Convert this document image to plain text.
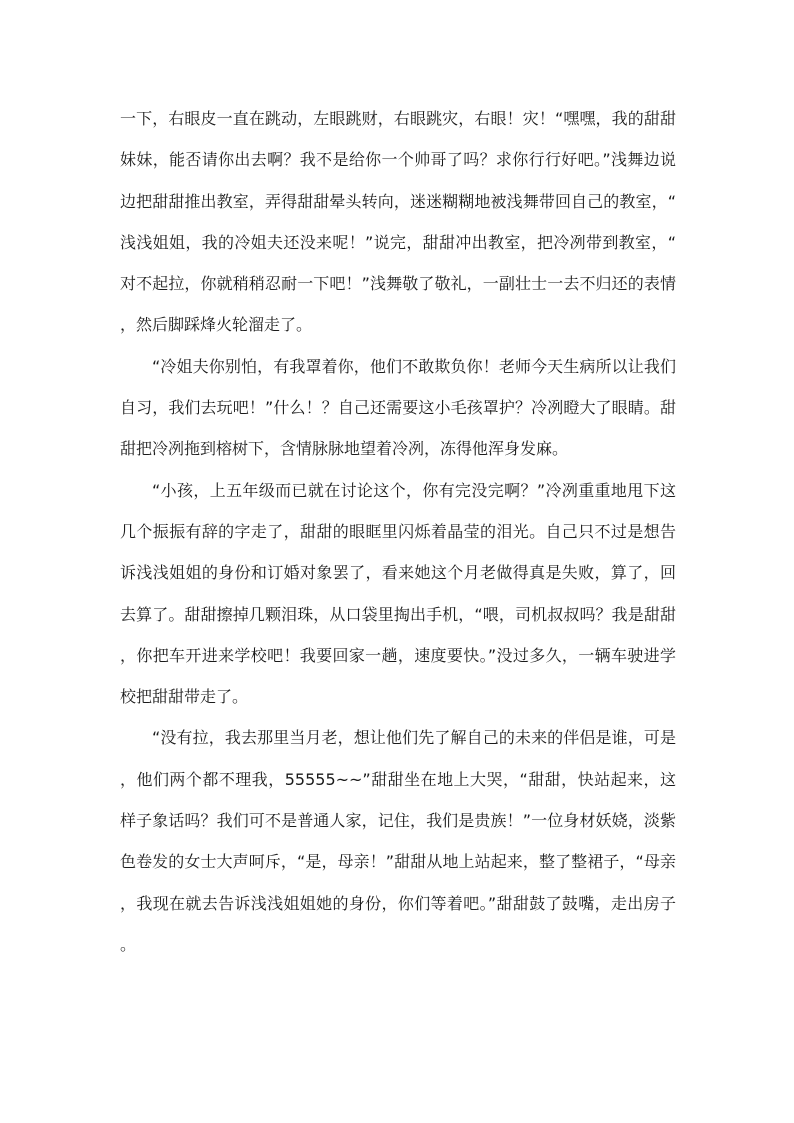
一下，右眼皮一直在跳动，左眼跳财，右眼跳灾，右眼！灾！“嘿嘿，我的甜甜妹妹，能否请你出去啊？我不是给你一个帅哥了吗？求你行行好吧。”浅舞边说边把甜甜推出教室，弄得甜甜晕头转向，迷迷糊糊地被浅舞带回自己的教室，“浅浅姐姐，我的冷姐夫还没来呢！”说完，甜甜冲出教室，把冷冽带到教室，“对不起拉，你就稍稍忍耐一下吧！”浅舞敬了敬礼，一副壮士一去不归还的表情，然后脚踩烽火轮溜走了。

“冷姐夫你别怕，有我罩着你，他们不敢欺负你！老师今天生病所以让我们自习，我们去玩吧！”什么！？自己还需要这小毛孩罩护？冷冽瞪大了眼睛。甜甜把冷冽拖到榕树下，含情脉脉地望着冷冽，冻得他浑身发麻。

“小孩，上五年级而已就在讨论这个，你有完没完啊？”冷冽重重地甩下这几个振振有辞的字走了，甜甜的眼眶里闪烁着晶莹的泪光。自己只不过是想告诉浅浅姐姐的身份和订婚对象罢了，看来她这个月老做得真是失败，算了，回去算了。甜甜擦掉几颗泪珠，从口袋里掏出手机，“喂，司机叔叔吗？我是甜甜，你把车开进来学校吧！我要回家一趟，速度要快。”没过多久，一辆车驶进学校把甜甜带走了。

“没有拉，我去那里当月老，想让他们先了解自己的未来的伴侣是谁，可是，他们两个都不理我，55555~~”甜甜坐在地上大哭，“甜甜，快站起来，这样子象话吗？我们可不是普通人家，记住，我们是贵族！”一位身材妖娆，淡紫色卷发的女士大声呵斥，“是，母亲！”甜甜从地上站起来，整了整裙子，“母亲，我现在就去告诉浅浅姐姐她的身份，你们等着吧。”甜甜鼓了鼓嘴，走出房子。
